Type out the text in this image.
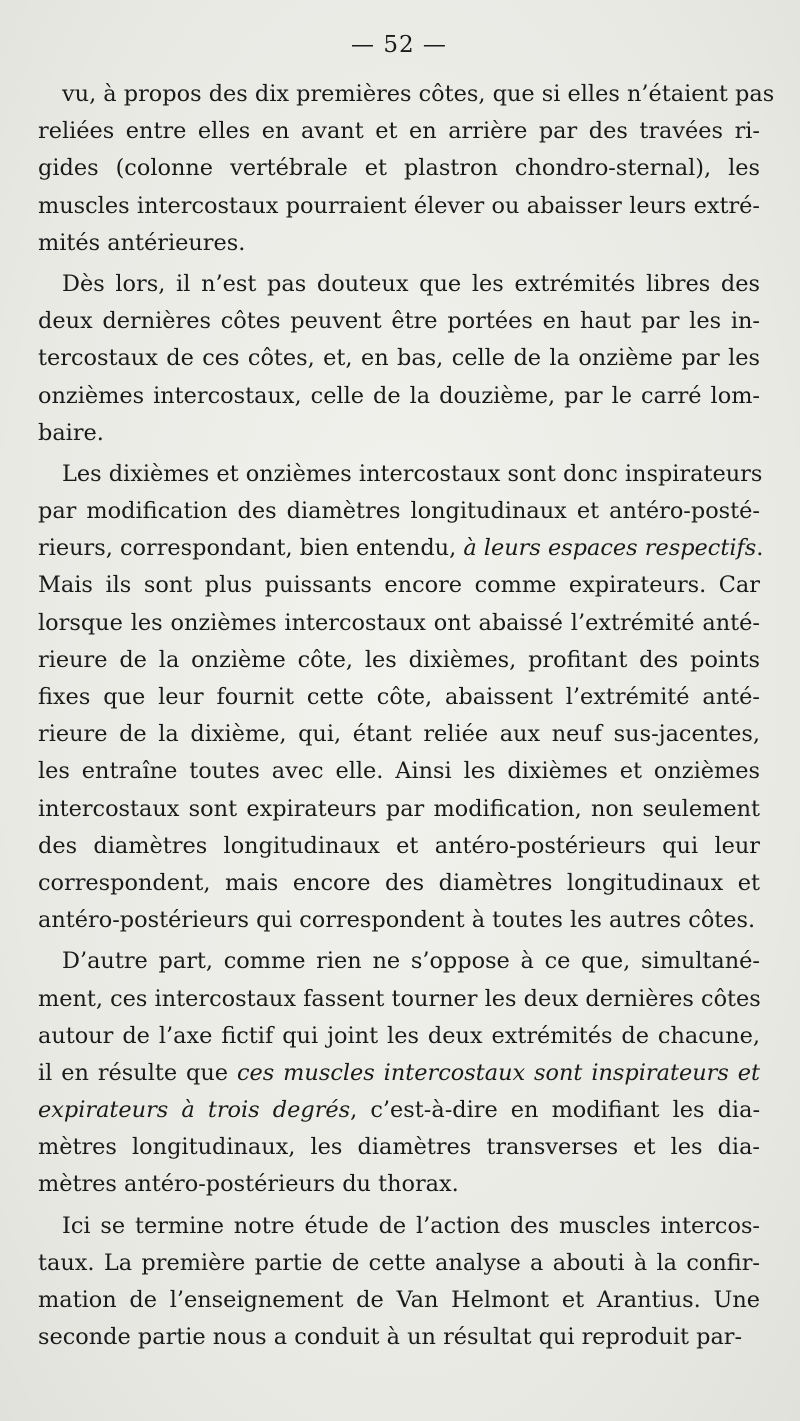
— 52 —
vu, à propos des dix premières côtes, que si elles n’étaient pas
reliées entre elles en avant et en arrière par des travées ri-
gides (colonne vertébrale et plastron chondro-sternal), les
muscles intercostaux pourraient élever ou abaisser leurs extré-
mités antérieures.
Dès lors, il n’est pas douteux que les extrémités libres des
deux dernières côtes peuvent être portées en haut par les in-
tercostaux de ces côtes, et, en bas, celle de la onzième par les
onzièmes intercostaux, celle de la douzième, par le carré lom-
baire.
Les dixièmes et onzièmes intercostaux sont donc inspirateurs
par modification des diamètres longitudinaux et antéro-posté-
rieurs, correspondant, bien entendu, à leurs espaces respectifs.
Mais ils sont plus puissants encore comme expirateurs. Car
lorsque les onzièmes intercostaux ont abaissé l’extrémité anté-
rieure de la onzième côte, les dixièmes, profitant des points
fixes que leur fournit cette côte, abaissent l’extrémité anté-
rieure de la dixième, qui, étant reliée aux neuf sus-jacentes,
les entraîne toutes avec elle. Ainsi les dixièmes et onzièmes
intercostaux sont expirateurs par modification, non seulement
des diamètres longitudinaux et antéro-postérieurs qui leur
correspondent, mais encore des diamètres longitudinaux et
antéro-postérieurs qui correspondent à toutes les autres côtes.
D’autre part, comme rien ne s’oppose à ce que, simultané-
ment, ces intercostaux fassent tourner les deux dernières côtes
autour de l’axe fictif qui joint les deux extrémités de chacune,
il en résulte que ces muscles intercostaux sont inspirateurs et
expirateurs à trois degrés, c’est-à-dire en modifiant les dia-
mètres longitudinaux, les diamètres transverses et les dia-
mètres antéro-postérieurs du thorax.
Ici se termine notre étude de l’action des muscles intercos-
taux. La première partie de cette analyse a abouti à la confir-
mation de l’enseignement de Van Helmont et Arantius. Une
seconde partie nous a conduit à un résultat qui reproduit par-
